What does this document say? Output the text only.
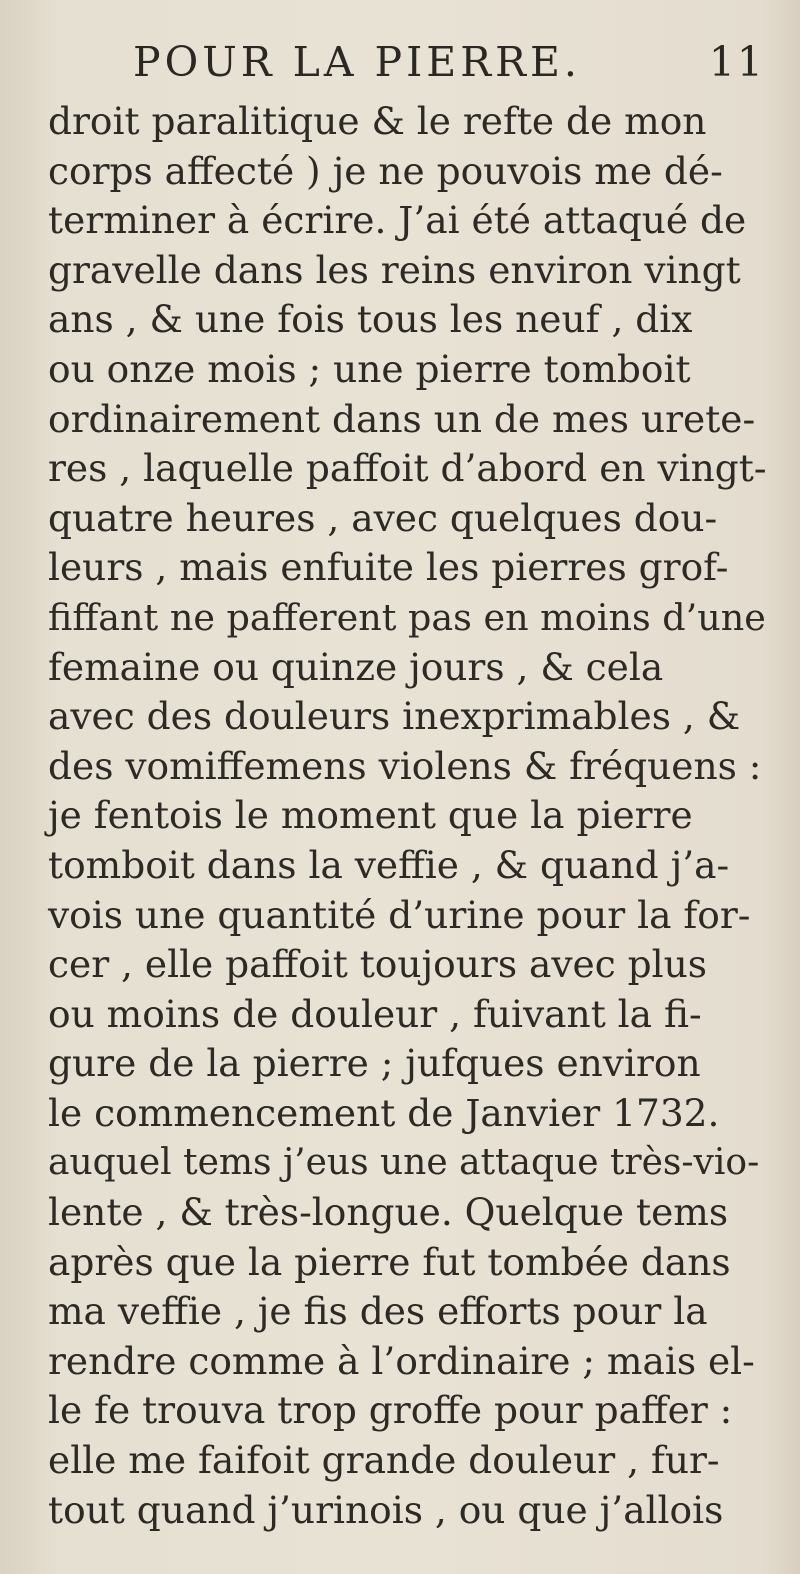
POUR LA PIERRE.	11
droit paralitique & le refte de mon
corps affecté ) je ne pouvois me dé-
terminer à écrire. J’ai été attaqué de
gravelle dans les reins environ vingt
ans , & une fois tous les neuf , dix
ou onze mois ; une pierre tomboit
ordinairement dans un de mes urete-
res , laquelle paffoit d’abord en vingt-
quatre heures , avec quelques dou-
leurs , mais enfuite les pierres grof-
fiffant ne pafferent pas en moins d’une
femaine ou quinze jours , & cela
avec des douleurs inexprimables , &
des vomiffemens violens & fréquens :
je fentois le moment que la pierre
tomboit dans la veffie , & quand j’a-
vois une quantité d’urine pour la for-
cer , elle paffoit toujours avec plus
ou moins de douleur , fuivant la fi-
gure de la pierre ; jufques environ
le commencement de Janvier 1732.
auquel tems j’eus une attaque très-vio-
lente , & très-longue. Quelque tems
après que la pierre fut tombée dans
ma veffie , je fis des efforts pour la
rendre comme à l’ordinaire ; mais el-
le fe trouva trop groffe pour paffer :
elle me faifoit grande douleur , fur-
tout quand j’urinois , ou que j’allois
